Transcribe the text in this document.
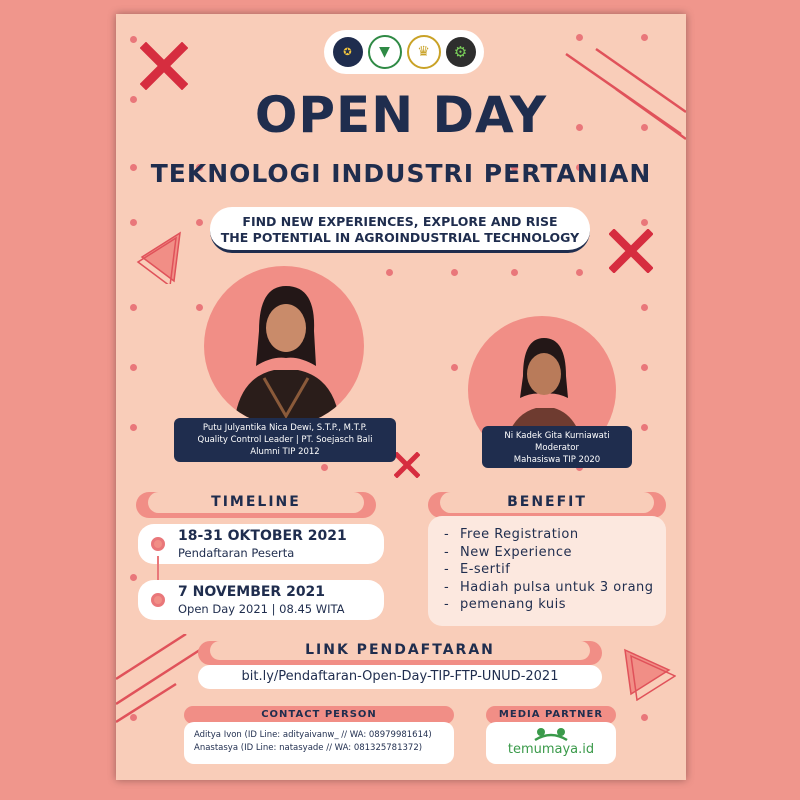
✪	▼	♛	⚙
OPEN DAY
TEKNOLOGI INDUSTRI PERTANIAN
FIND NEW EXPERIENCES, EXPLORE AND RISE
THE POTENTIAL IN AGROINDUSTRIAL TECHNOLOGY
Putu Julyantika Nica Dewi, S.T.P., M.T.P.
Quality Control Leader | PT. Soejasch Bali
Alumni TIP 2012
Ni Kadek Gita Kurniawati
Moderator
Mahasiswa TIP 2020
TIMELINE
18-31 OKTOBER 2021
Pendaftaran Peserta
7 NOVEMBER 2021
Open Day 2021 | 08.45 WITA
BENEFIT
- Free Registration
- New Experience
- E-sertif
- Hadiah pulsa untuk 3 orang
- pemenang kuis
LINK PENDAFTARAN
bit.ly/Pendaftaran-Open-Day-TIP-FTP-UNUD-2021
CONTACT PERSON
Aditya Ivon (ID Line: adityaivanw_ // WA: 08979981614)
Anastasya (ID Line: natasyade // WA: 081325781372)
MEDIA PARTNER
temumaya.id
